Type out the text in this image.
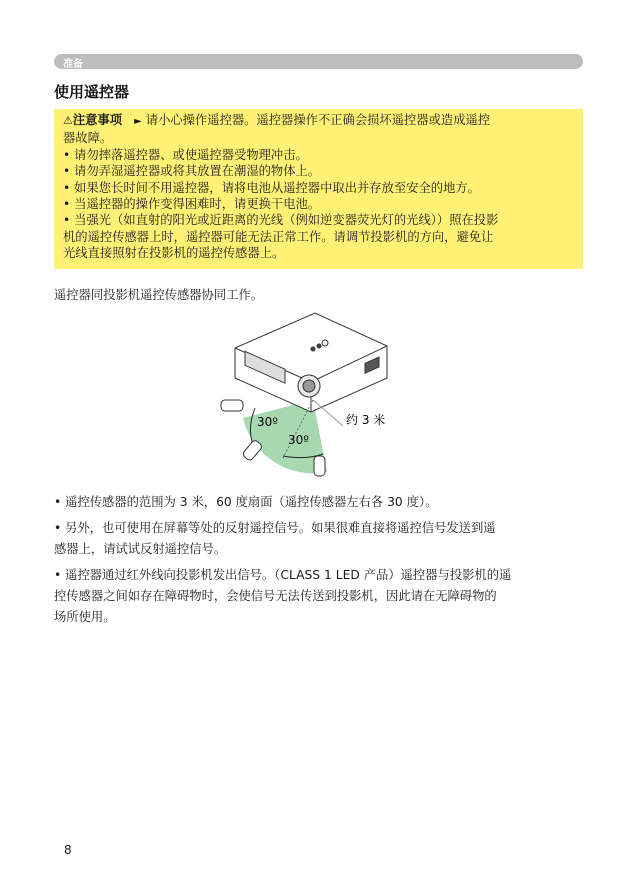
准备
使用遥控器
⚠注意事项 ► 请小心操作遥控器。遥控器操作不正确会损坏遥控器或造成遥控
器故障。
• 请勿摔落遥控器、或使遥控器受物理冲击。
• 请勿弄湿遥控器或将其放置在潮湿的物体上。
• 如果您长时间不用遥控器，请将电池从遥控器中取出并存放至安全的地方。
• 当遥控器的操作变得困难时，请更换干电池。
• 当强光（如直射的阳光或近距离的光线（例如逆变器荧光灯的光线））照在投影
机的遥控传感器上时，遥控器可能无法正常工作。请调节投影机的方向，避免让
光线直接照射在投影机的遥控传感器上。
遥控器同投影机遥控传感器协同工作。
30º
30º
约 3 米
• 遥控传感器的范围为 3 米，60 度扇面（遥控传感器左右各 30 度）。
• 另外，也可使用在屏幕等处的反射遥控信号。如果很难直接将遥控信号发送到遥
感器上，请试试反射遥控信号。
• 遥控器通过红外线向投影机发出信号。（CLASS 1 LED 产品）遥控器与投影机的遥
控传感器之间如存在障碍物时，会使信号无法传送到投影机，因此请在无障碍物的
场所使用。
8
